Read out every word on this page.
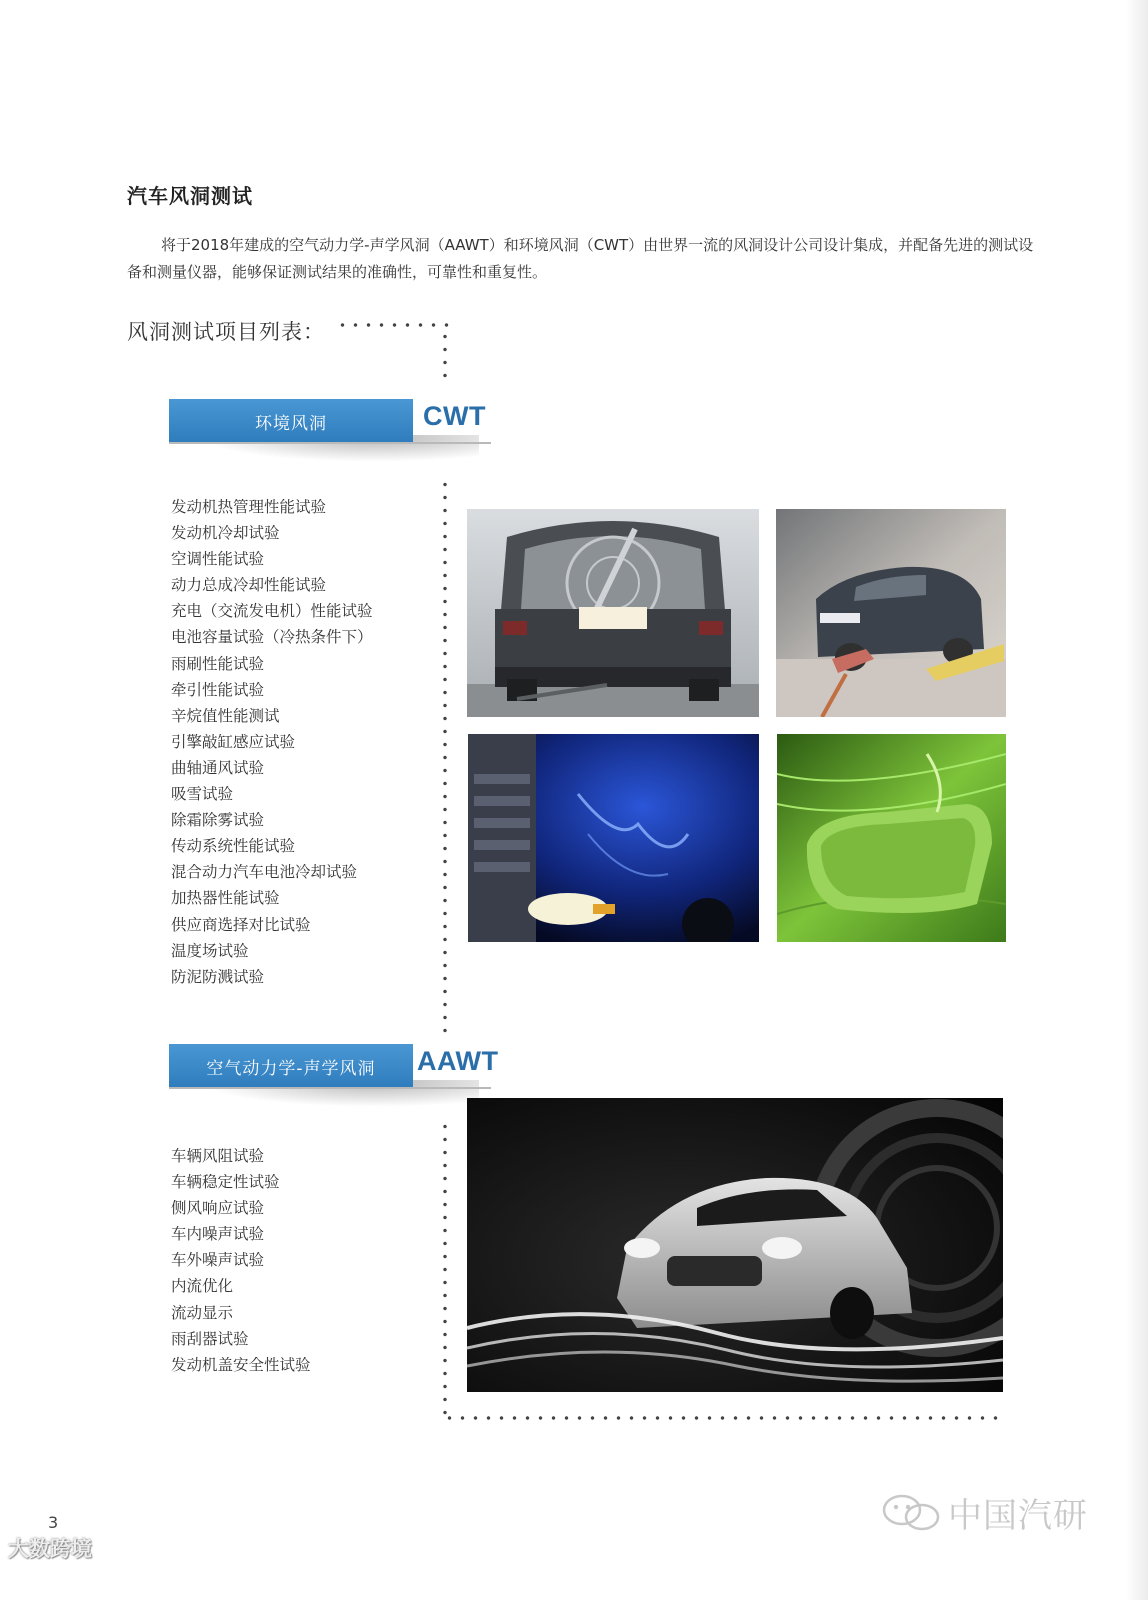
汽车风洞测试
将于2018年建成的空气动力学-声学风洞（AAWT）和环境风洞（CWT）由世界一流的风洞设计公司设计集成，并配备先进的测试设备和测量仪器，能够保证测试结果的准确性，可靠性和重复性。
风洞测试项目列表：
环境风洞	CWT
发动机热管理性能试验
发动机冷却试验
空调性能试验
动力总成冷却性能试验
充电（交流发电机）性能试验
电池容量试验（冷热条件下）
雨刷性能试验
牵引性能试验
辛烷值性能测试
引擎敲缸感应试验
曲轴通风试验
吸雪试验
除霜除雾试验
传动系统性能试验
混合动力汽车电池冷却试验
加热器性能试验
供应商选择对比试验
温度场试验
防泥防溅试验
空气动力学-声学风洞	AAWT
车辆风阻试验
车辆稳定性试验
侧风响应试验
车内噪声试验
车外噪声试验
内流优化
流动显示
雨刮器试验
发动机盖安全性试验
3
大数跨境
中国汽研
